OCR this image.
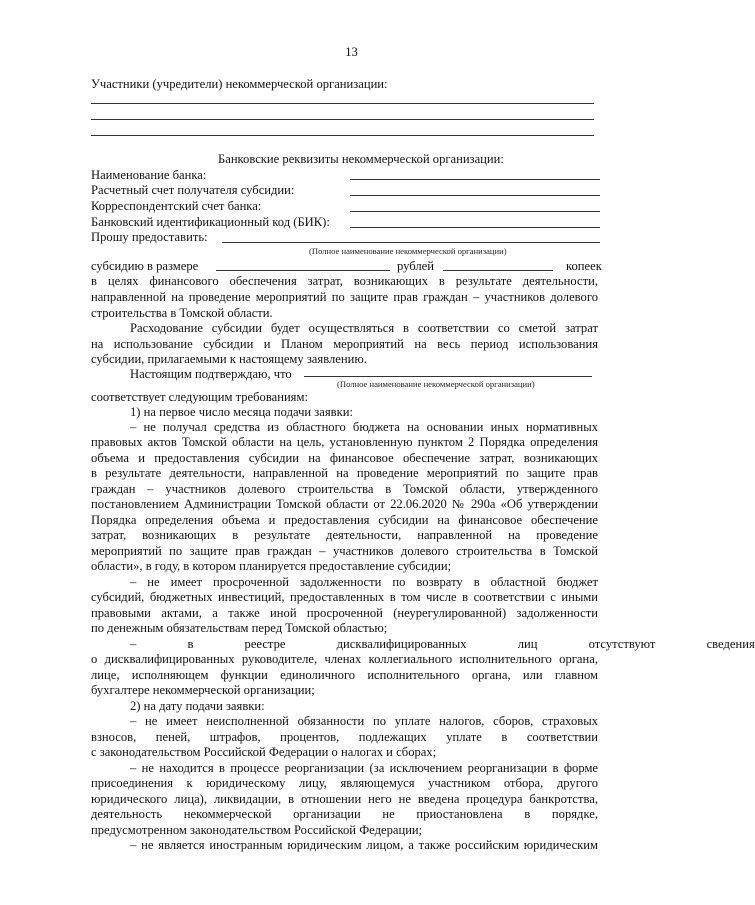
13
Участники (учредители) некоммерческой организации:
Банковские реквизиты некоммерческой организации:
Наименование банка:
Расчетный счет получателя субсидии:
Корреспондентский счет банка:
Банковский идентификационный код (БИК):
Прошу предоставить:
(Полное наименование некоммерческой организации)
субсидию в размере	рублей	копеек
в целях финансового обеспечения затрат, возникающих в результате деятельности,
направленной на проведение мероприятий по защите прав граждан – участников долевого
строительства в Томской области.
Расходование субсидии будет осуществляться в соответствии со сметой затрат
на использование субсидии и Планом мероприятий на весь период использования
субсидии, прилагаемыми к настоящему заявлению.
Настоящим подтверждаю, что
(Полное наименование некоммерческой организации)
соответствует следующим требованиям:
1) на первое число месяца подачи заявки:
– не получал средства из областного бюджета на основании иных нормативных
правовых актов Томской области на цель, установленную пунктом 2 Порядка определения
объема и предоставления субсидии на финансовое обеспечение затрат, возникающих
в результате деятельности, направленной на проведение мероприятий по защите прав
граждан – участников долевого строительства в Томской области, утвержденного
постановлением Администрации Томской области от 22.06.2020 № 290а «Об утверждении
Порядка определения объема и предоставления субсидии на финансовое обеспечение
затрат, возникающих в результате деятельности, направленной на проведение
мероприятий по защите прав граждан – участников долевого строительства в Томской
области», в году, в котором планируется предоставление субсидии;
– не имеет просроченной задолженности по возврату в областной бюджет
субсидий, бюджетных инвестиций, предоставленных в том числе в соответствии с иными
правовыми актами, а также иной просроченной (неурегулированной) задолженности
по денежным обязательствам перед Томской областью;
– в реестре дисквалифицированных лиц отсутствуют сведения
о дисквалифицированных руководителе, членах коллегиального исполнительного органа,
лице, исполняющем функции единоличного исполнительного органа, или главном
бухгалтере некоммерческой организации;
2) на дату подачи заявки:
– не имеет неисполненной обязанности по уплате налогов, сборов, страховых
взносов, пеней, штрафов, процентов, подлежащих уплате в соответствии
с законодательством Российской Федерации о налогах и сборах;
– не находится в процессе реорганизации (за исключением реорганизации в форме
присоединения к юридическому лицу, являющемуся участником отбора, другого
юридического лица), ликвидации, в отношении него не введена процедура банкротства,
деятельность некоммерческой организации не приостановлена в порядке,
предусмотренном законодательством Российской Федерации;
– не является иностранным юридическим лицом, а также российским юридическим
